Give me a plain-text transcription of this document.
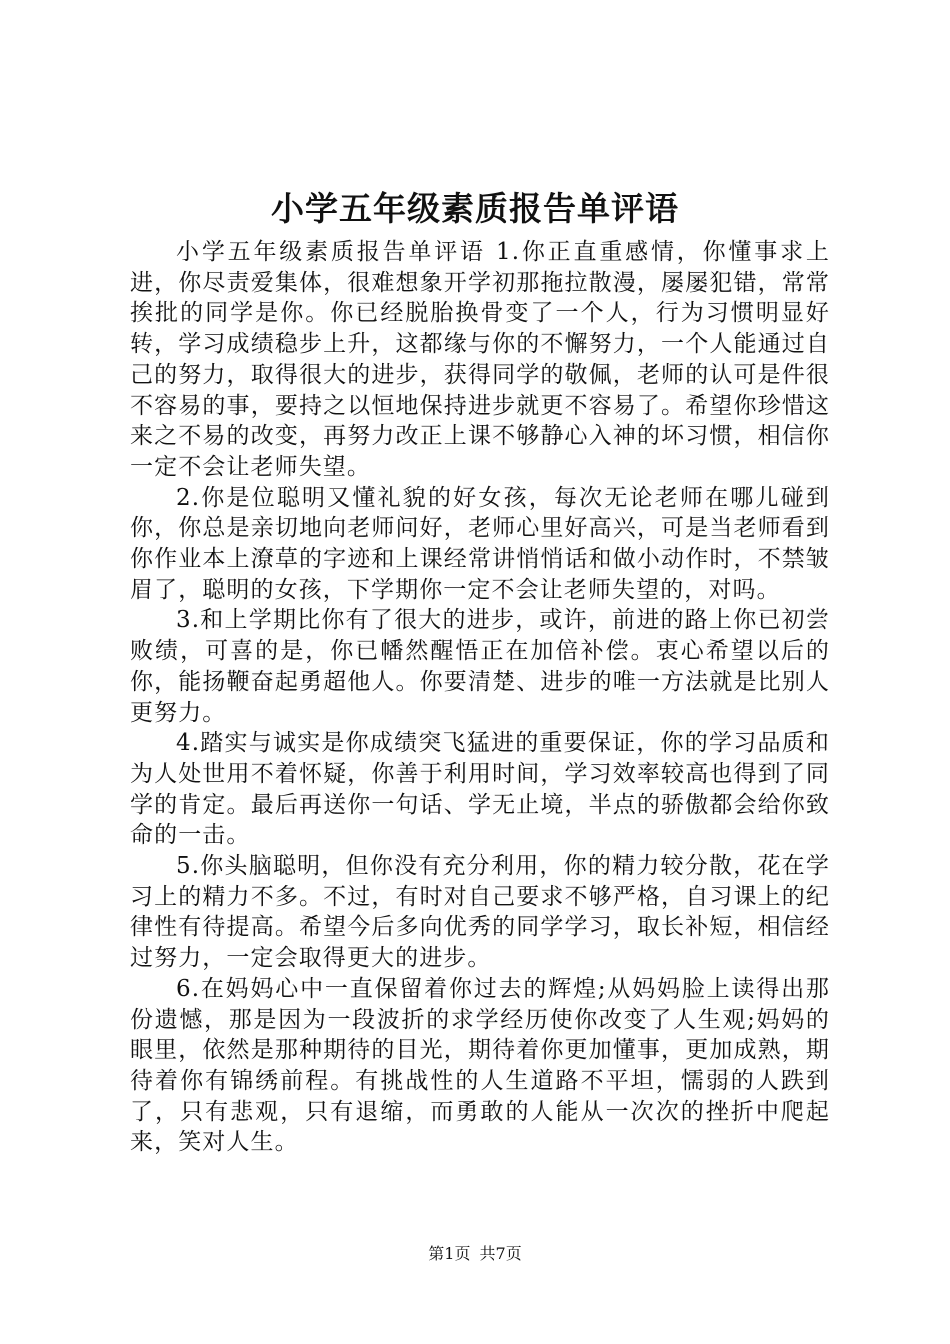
小学五年级素质报告单评语

小学五年级素质报告单评语 1.你正直重感情，你懂事求上进，你尽责爱集体，很难想象开学初那拖拉散漫，屡屡犯错，常常挨批的同学是你。你已经脱胎换骨变了一个人，行为习惯明显好转，学习成绩稳步上升，这都缘与你的不懈努力，一个人能通过自己的努力，取得很大的进步，获得同学的敬佩，老师的认可是件很不容易的事，要持之以恒地保持进步就更不容易了。希望你珍惜这来之不易的改变，再努力改正上课不够静心入神的坏习惯，相信你一定不会让老师失望。

2.你是位聪明又懂礼貌的好女孩，每次无论老师在哪儿碰到你，你总是亲切地向老师问好，老师心里好高兴，可是当老师看到你作业本上潦草的字迹和上课经常讲悄悄话和做小动作时，不禁皱眉了，聪明的女孩，下学期你一定不会让老师失望的，对吗。

3.和上学期比你有了很大的进步，或许，前进的路上你已初尝败绩，可喜的是，你已幡然醒悟正在加倍补偿。衷心希望以后的你，能扬鞭奋起勇超他人。你要清楚、进步的唯一方法就是比别人更努力。

4.踏实与诚实是你成绩突飞猛进的重要保证，你的学习品质和为人处世用不着怀疑，你善于利用时间，学习效率较高也得到了同学的肯定。最后再送你一句话、学无止境，半点的骄傲都会给你致命的一击。

5.你头脑聪明，但你没有充分利用，你的精力较分散，花在学习上的精力不多。不过，有时对自己要求不够严格，自习课上的纪律性有待提高。希望今后多向优秀的同学学习，取长补短，相信经过努力，一定会取得更大的进步。

6.在妈妈心中一直保留着你过去的辉煌;从妈妈脸上读得出那份遗憾，那是因为一段波折的求学经历使你改变了人生观;妈妈的眼里，依然是那种期待的目光，期待着你更加懂事，更加成熟，期待着你有锦绣前程。有挑战性的人生道路不平坦，懦弱的人跌到了，只有悲观，只有退缩，而勇敢的人能从一次次的挫折中爬起来，笑对人生。

第1页 共7页
